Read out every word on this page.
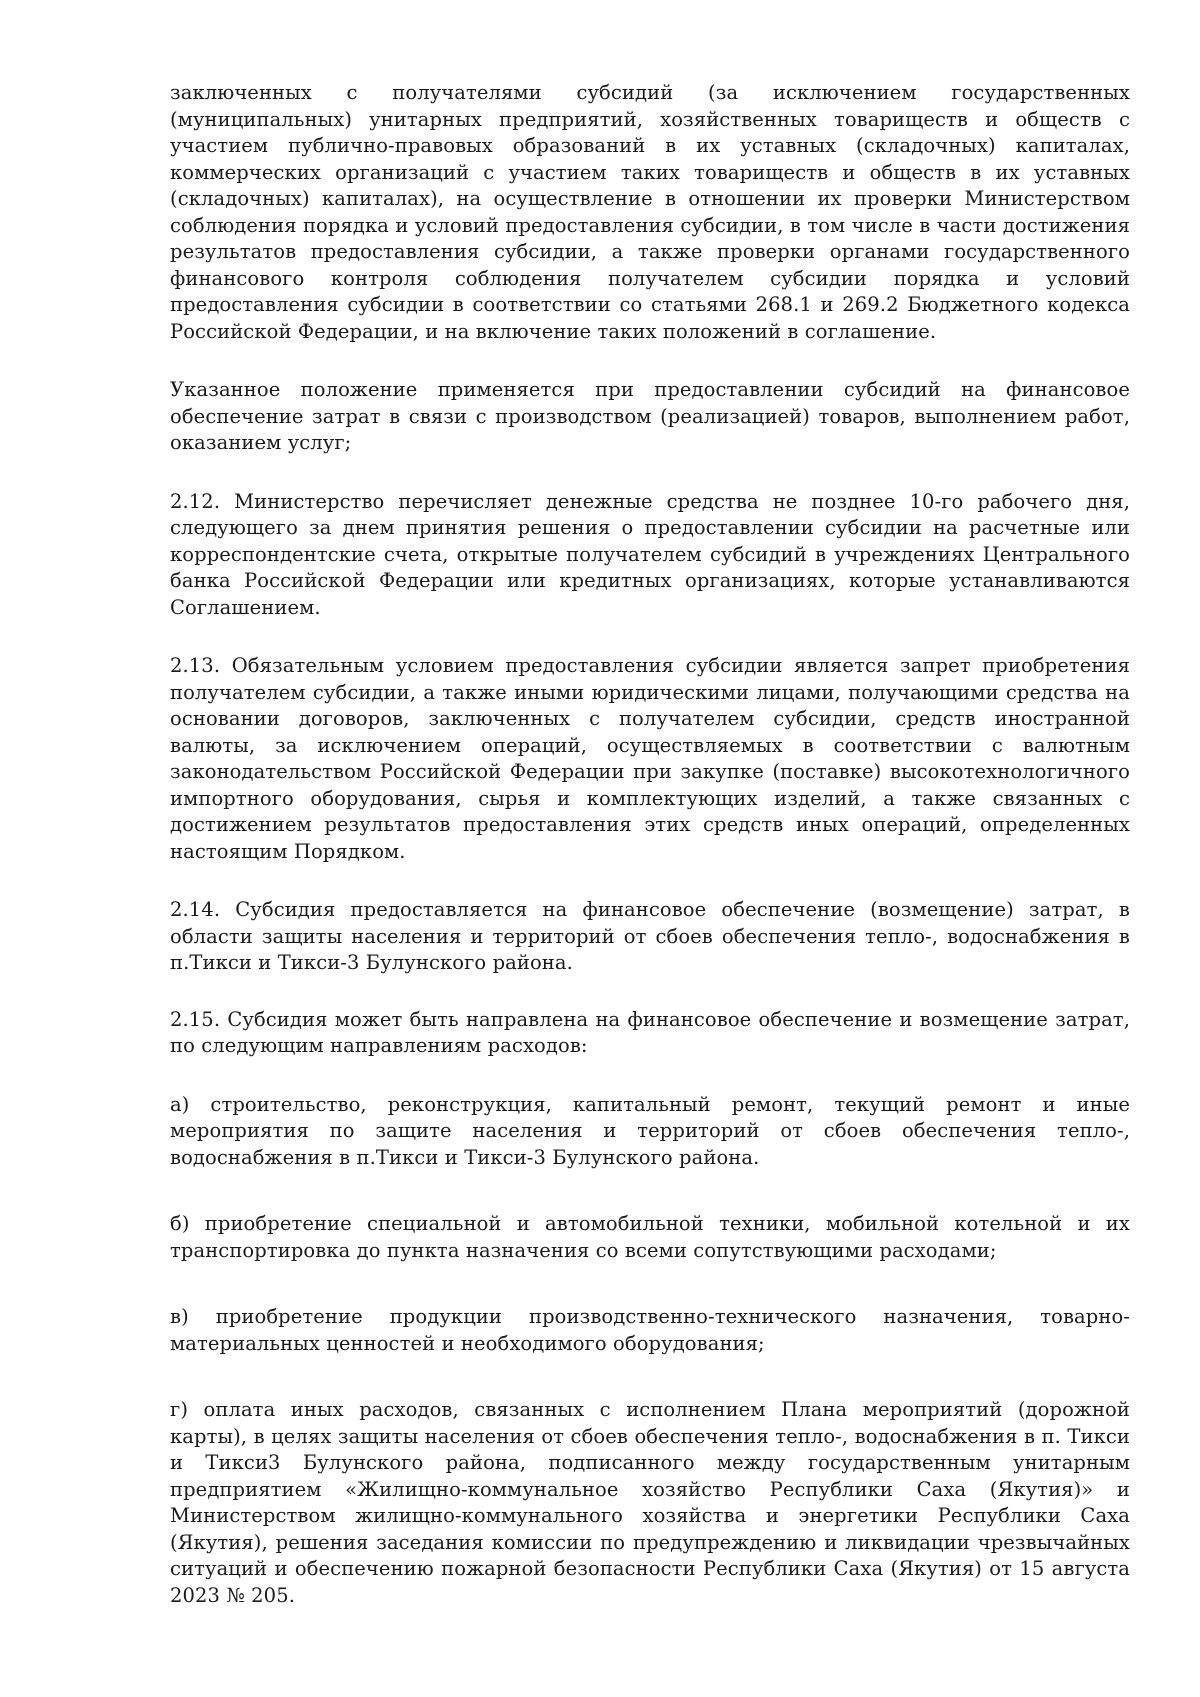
заключенных с получателями субсидий (за исключением государственных (муниципальных) унитарных предприятий, хозяйственных товариществ и обществ с участием публично-правовых образований в их уставных (складочных) капиталах, коммерческих организаций с участием таких товариществ и обществ в их уставных (складочных) капиталах), на осуществление в отношении их проверки Министерством соблюдения порядка и условий предоставления субсидии, в том числе в части достижения результатов предоставления субсидии, а также проверки органами государственного финансового контроля соблюдения получателем субсидии порядка и условий предоставления субсидии в соответствии со статьями 268.1 и 269.2 Бюджетного кодекса Российской Федерации, и на включение таких положений в соглашение.

Указанное положение применяется при предоставлении субсидий на финансовое обеспечение затрат в связи с производством (реализацией) товаров, выполнением работ, оказанием услуг;

2.12. Министерство перечисляет денежные средства не позднее 10-го рабочего дня, следующего за днем принятия решения о предоставлении субсидии на расчетные или корреспондентские счета, открытые получателем субсидий в учреждениях Центрального банка Российской Федерации или кредитных организациях, которые устанавливаются Соглашением.

2.13. Обязательным условием предоставления субсидии является запрет приобретения получателем субсидии, а также иными юридическими лицами, получающими средства на основании договоров, заключенных с получателем субсидии, средств иностранной валюты, за исключением операций, осуществляемых в соответствии с валютным законодательством Российской Федерации при закупке (поставке) высокотехнологичного импортного оборудования, сырья и комплектующих изделий, а также связанных с достижением результатов предоставления этих средств иных операций, определенных настоящим Порядком.

2.14. Субсидия предоставляется на финансовое обеспечение (возмещение) затрат, в области защиты населения и территорий от сбоев обеспечения тепло-, водоснабжения в п.Тикси и Тикси-3 Булунского района.

2.15. Субсидия может быть направлена на финансовое обеспечение и возмещение затрат, по следующим направлениям расходов:

а) строительство, реконструкция, капитальный ремонт, текущий ремонт и иные мероприятия по защите населения и территорий от сбоев обеспечения тепло-, водоснабжения в п.Тикси и Тикси-3 Булунского района.

б) приобретение специальной и автомобильной техники, мобильной котельной и их транспортировка до пункта назначения со всеми сопутствующими расходами;

в) приобретение продукции производственно-технического назначения, товарно-материальных ценностей и необходимого оборудования;

г) оплата иных расходов, связанных с исполнением Плана мероприятий (дорожной карты), в целях защиты населения от сбоев обеспечения тепло-, водоснабжения в п. Тикси и Тикси3 Булунского района, подписанного между государственным унитарным предприятием «Жилищно-коммунальное хозяйство Республики Саха (Якутия)» и Министерством жилищно-коммунального хозяйства и энергетики Республики Саха (Якутия), решения заседания комиссии по предупреждению и ликвидации чрезвычайных ситуаций и обеспечению пожарной безопасности Республики Саха (Якутия) от 15 августа 2023 № 205.
